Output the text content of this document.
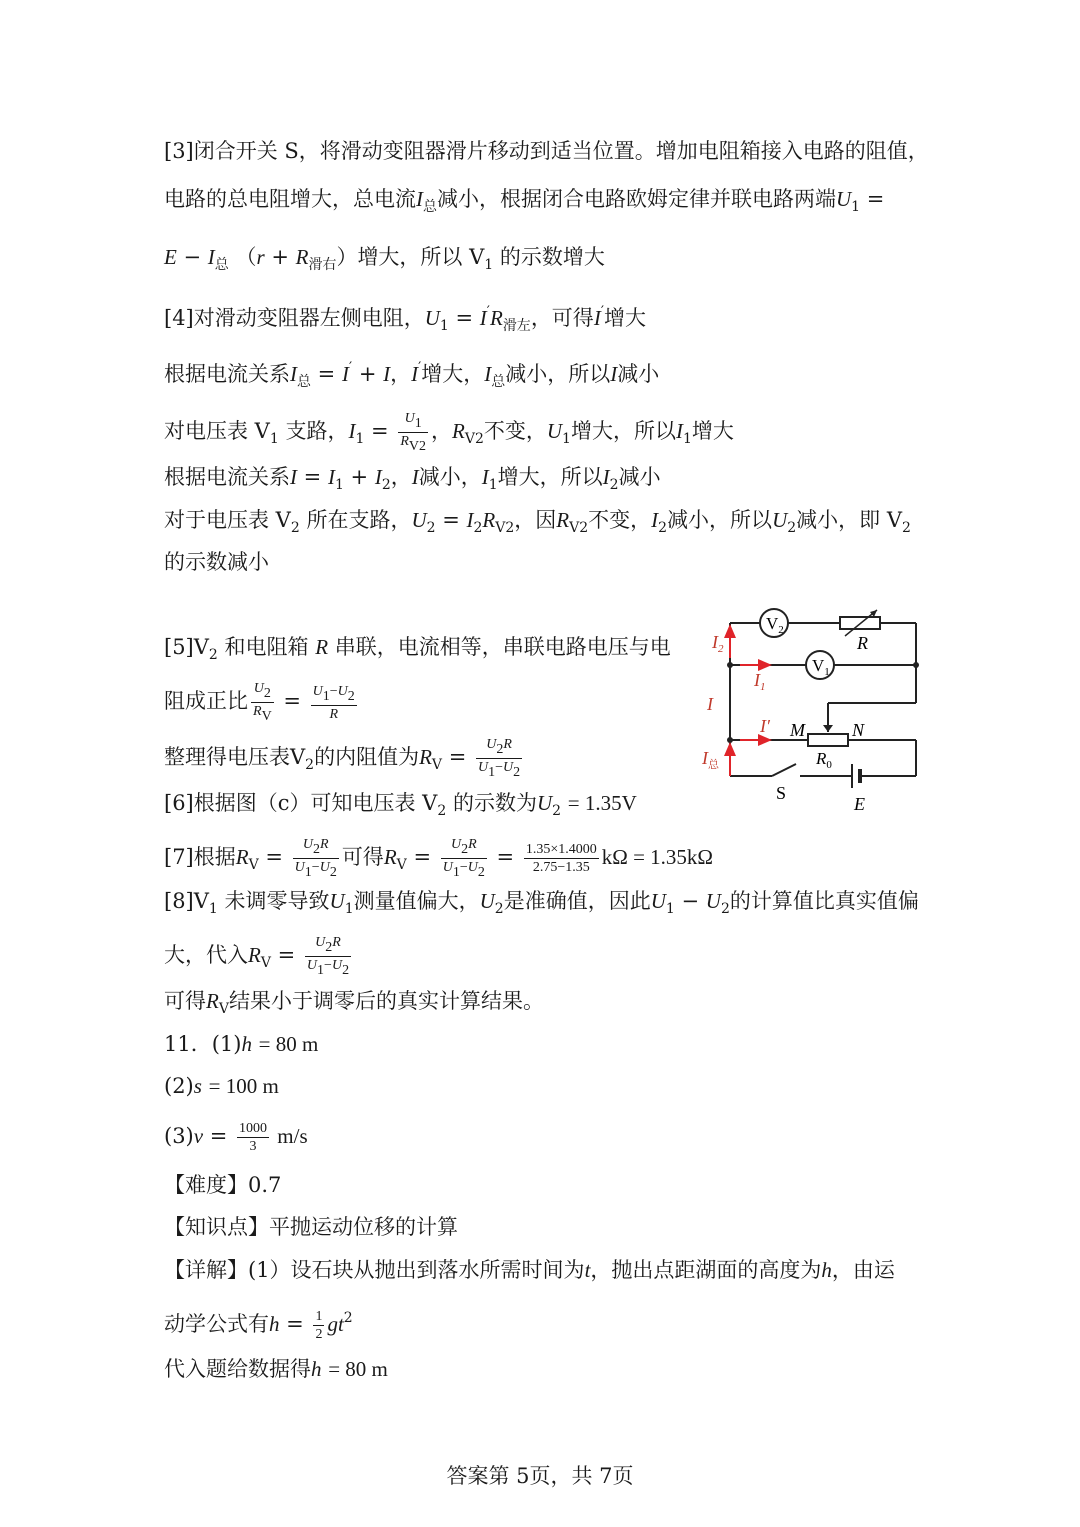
[3]闭合开关 S，将滑动变阻器滑片移动到适当位置。增加电阻箱接入电路的阻值，
电路的总电阻增大，总电流$I_总$减小，根据闭合电路欧姆定律并联电路两端$U_1$ =
$E - I_总$ $(r + R_{滑右})$增大，所以 $V_1$ 的示数增大
[4]对滑动变阻器左侧电阻，$U_1 = I'R_{滑左}$，可得I′增大
根据电流关系$I_总 = I' + I$，I′增大，$I_总$减小，所以I减小
对电压表 $V_1$ 支路，$I_1 = \frac{U1}{RV2}$ ，$R_{V2}$不变，$U_1$增大，所以$I_1$增大
根据电流关系$I = I_1 + I_2$，I减小，$I_1$增大，所以$I_2$减小
对于电压表 $V_2$ 所在支路，$U_2 = I_2R_{V2}$，因$R_{V2}$不变，$I_2$减小，所以$U_2$减小，即 $V_2$
的示数减小
$[5]V_2$ 和电阻箱 R 串联，电流相等，串联电路电压与电
阻成正比 $\frac{U2}{RV} = \frac{U1-U2}{R}$
整理得电压表$V_2$的内阻值为$R_V = \frac{U2R}{U1-U2}$
[6]根据图（c）可知电压表 $V_2$ 的示数为$U_2 = 1.35V$
[7]根据$R_V = \frac{U2R}{U1-U2}$ 可得$R_V = \frac{U2R}{U1-U2} = \frac{1.35\times 1.4000}{2.75-1.35}$ kΩ = 1.35kΩ
$[8]V_1$ 未调零导致$U_1$测量值偏大，$U_2$是准确值，因此$U_1 - U_2$的计算值比真实值偏
大，代入$R_V = \frac{U2R}{U1-U2}$
可得$R_V$结果小于调零后的真实计算结果。
11．(1)h = 80 m
(2)s = 100 m
$(3)v = \frac{1000}{3} m/s$
【难度】0.7
【知识点】平抛运动位移的计算
【详解】(1）设石块从抛出到落水所需时间为t，抛出点距湖面的高度为h，由运
动学公式有$h = \frac{1}{2} gt^2$
代入题给数据得h = 80 m
$V_2$
$V_1$
R
$I_2$
$I_1$
I
I′ M	N
$R_0$
$I_总$
S
E
答案第 5页，共 7页
